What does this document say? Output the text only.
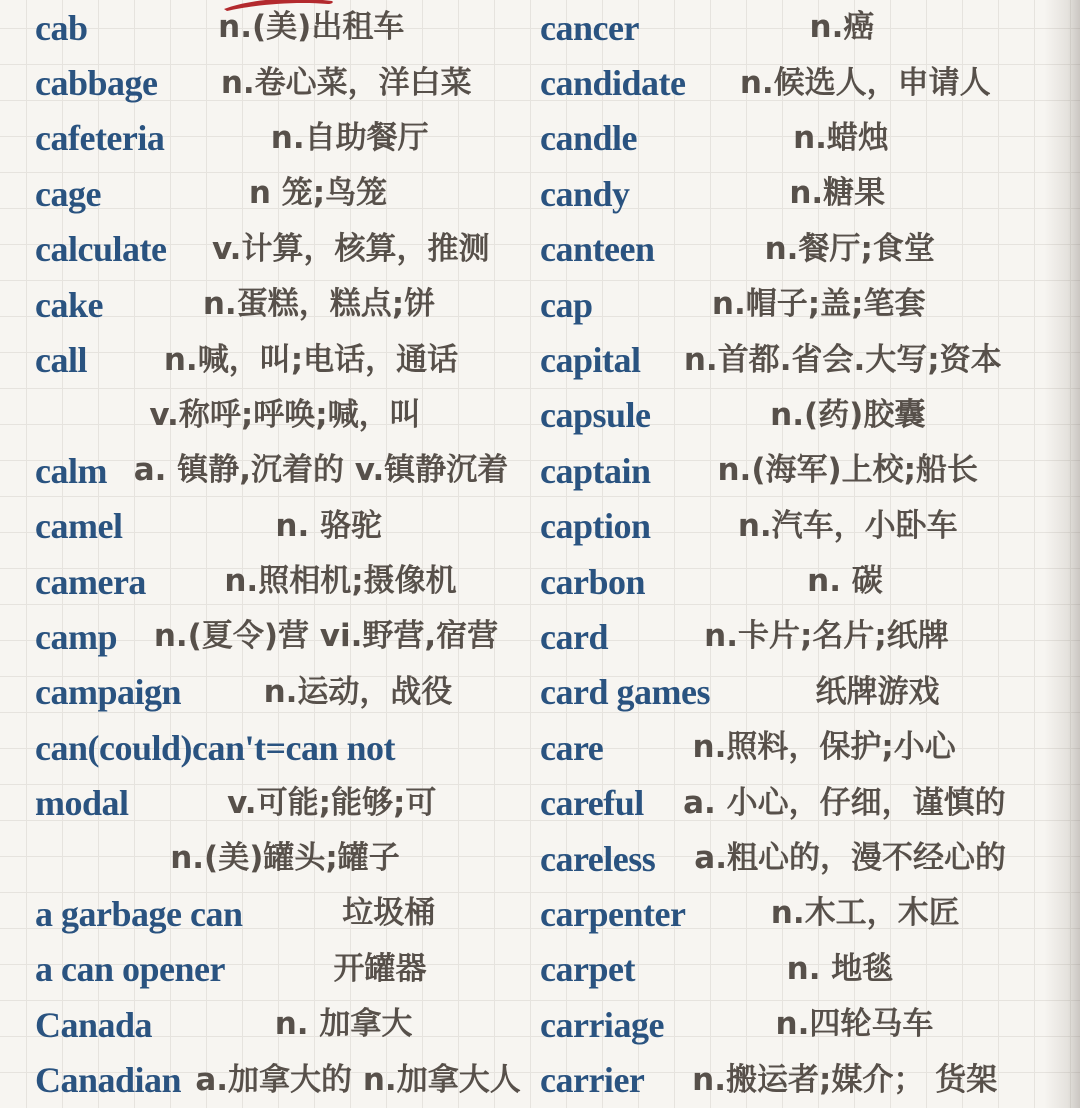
cab	n.(美)出租车
cabbage	n.卷心菜，洋白菜
cafeteria	n.自助餐厅
cage	n 笼;鸟笼
calculate	v.计算，核算，推测
cake	n.蛋糕，糕点;饼
call	n.喊，叫;电话，通话
v.称呼;呼唤;喊，叫
calm a. 镇静,沉着的 v.镇静沉着
camel	n. 骆驼
camera	n.照相机;摄像机
camp	n.(夏令)营 vi.野营,宿营
campaign	n.运动，战役
can(could)can't=can not
modal	v.可能;能够;可
n.(美)罐头;罐子
a garbage can	垃圾桶
a can opener	开罐器
Canada	n. 加拿大
Canadian a.加拿大的 n.加拿大人
cancer	n.癌
candidate	n.候选人，申请人
candle	n.蜡烛
candy	n.糖果
canteen	n.餐厅;食堂
cap	n.帽子;盖;笔套
capital	n.首都.省会.大写;资本
capsule	n.(药)胶囊
captain	n.(海军)上校;船长
caption	n.汽车，小卧车
carbon	n. 碳
card	n.卡片;名片;纸牌
card games	纸牌游戏
care	n.照料，保护;小心
careful	a. 小心，仔细，谨慎的
careless	a.粗心的，漫不经心的
carpenter	n.木工，木匠
carpet	n. 地毯
carriage	n.四轮马车
carrier	n.搬运者;媒介； 货架
